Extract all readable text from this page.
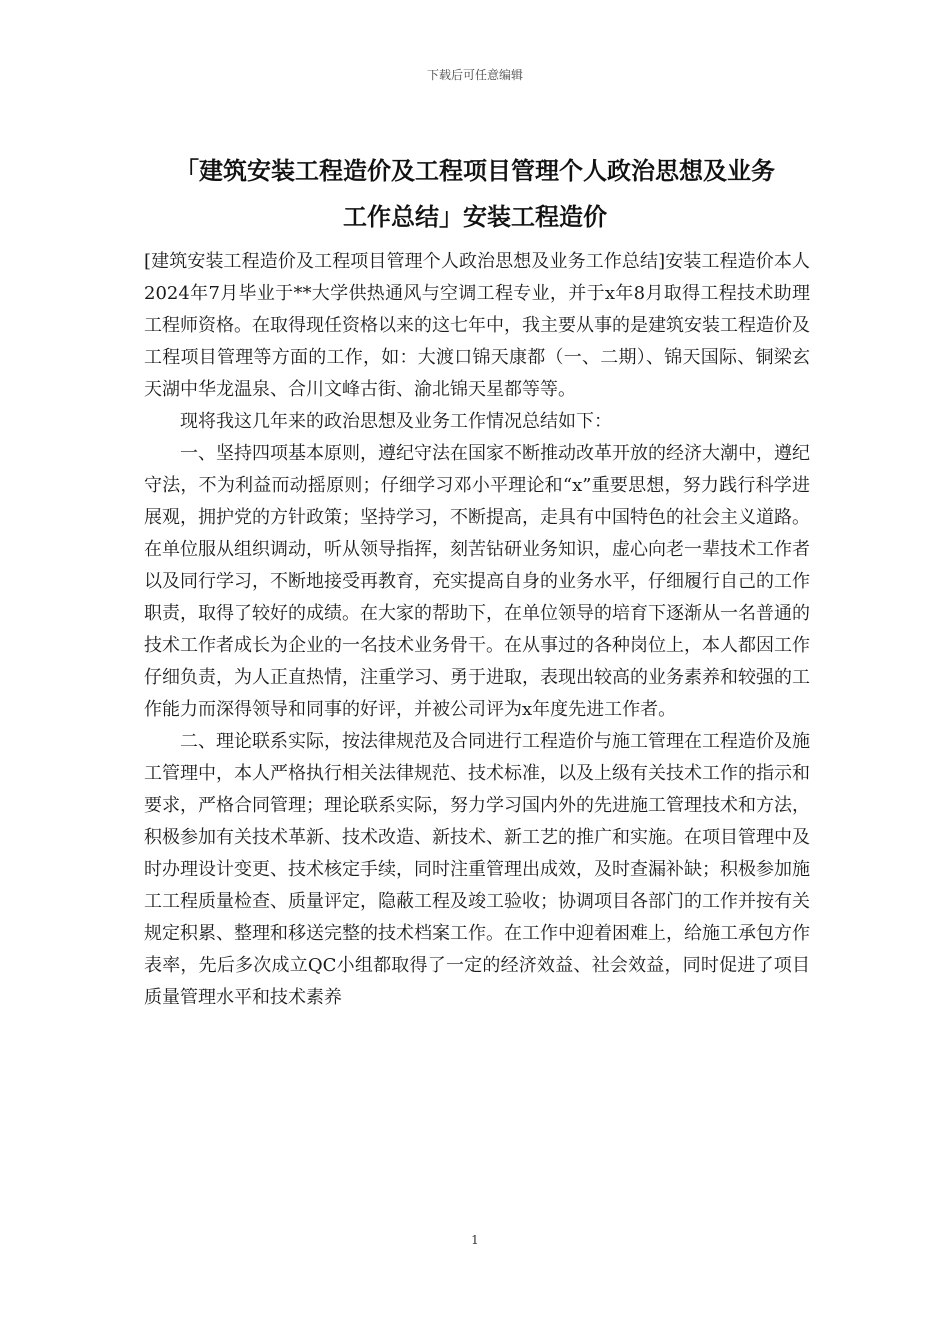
下载后可任意编辑
「建筑安装工程造价及工程项目管理个人政治思想及业务
工作总结」安装工程造价

[建筑安装工程造价及工程项目管理个人政治思想及业务工作总结]安装工程造价本人2024年7月毕业于**大学供热通风与空调工程专业，并于x年8月取得工程技术助理工程师资格。在取得现任资格以来的这七年中，我主要从事的是建筑安装工程造价及工程项目管理等方面的工作，如：大渡口锦天康都（一、二期）、锦天国际、铜梁玄天湖中华龙温泉、合川文峰古街、渝北锦天星都等等。

现将我这几年来的政治思想及业务工作情况总结如下：

一、坚持四项基本原则，遵纪守法在国家不断推动改革开放的经济大潮中，遵纪守法，不为利益而动摇原则；仔细学习邓小平理论和“x”重要思想，努力践行科学进展观，拥护党的方针政策；坚持学习，不断提高，走具有中国特色的社会主义道路。在单位服从组织调动，听从领导指挥，刻苦钻研业务知识，虚心向老一辈技术工作者以及同行学习，不断地接受再教育，充实提高自身的业务水平，仔细履行自己的工作职责，取得了较好的成绩。在大家的帮助下，在单位领导的培育下逐渐从一名普通的技术工作者成长为企业的一名技术业务骨干。在从事过的各种岗位上，本人都因工作仔细负责，为人正直热情，注重学习、勇于进取，表现出较高的业务素养和较强的工作能力而深得领导和同事的好评，并被公司评为x年度先进工作者。

二、理论联系实际，按法律规范及合同进行工程造价与施工管理在工程造价及施工管理中，本人严格执行相关法律规范、技术标准，以及上级有关技术工作的指示和要求，严格合同管理；理论联系实际，努力学习国内外的先进施工管理技术和方法，积极参加有关技术革新、技术改造、新技术、新工艺的推广和实施。在项目管理中及时办理设计变更、技术核定手续，同时注重管理出成效，及时查漏补缺；积极参加施工工程质量检查、质量评定，隐蔽工程及竣工验收；协调项目各部门的工作并按有关规定积累、整理和移送完整的技术档案工作。在工作中迎着困难上，给施工承包方作表率，先后多次成立QC小组都取得了一定的经济效益、社会效益，同时促进了项目质量管理水平和技术素养

1
